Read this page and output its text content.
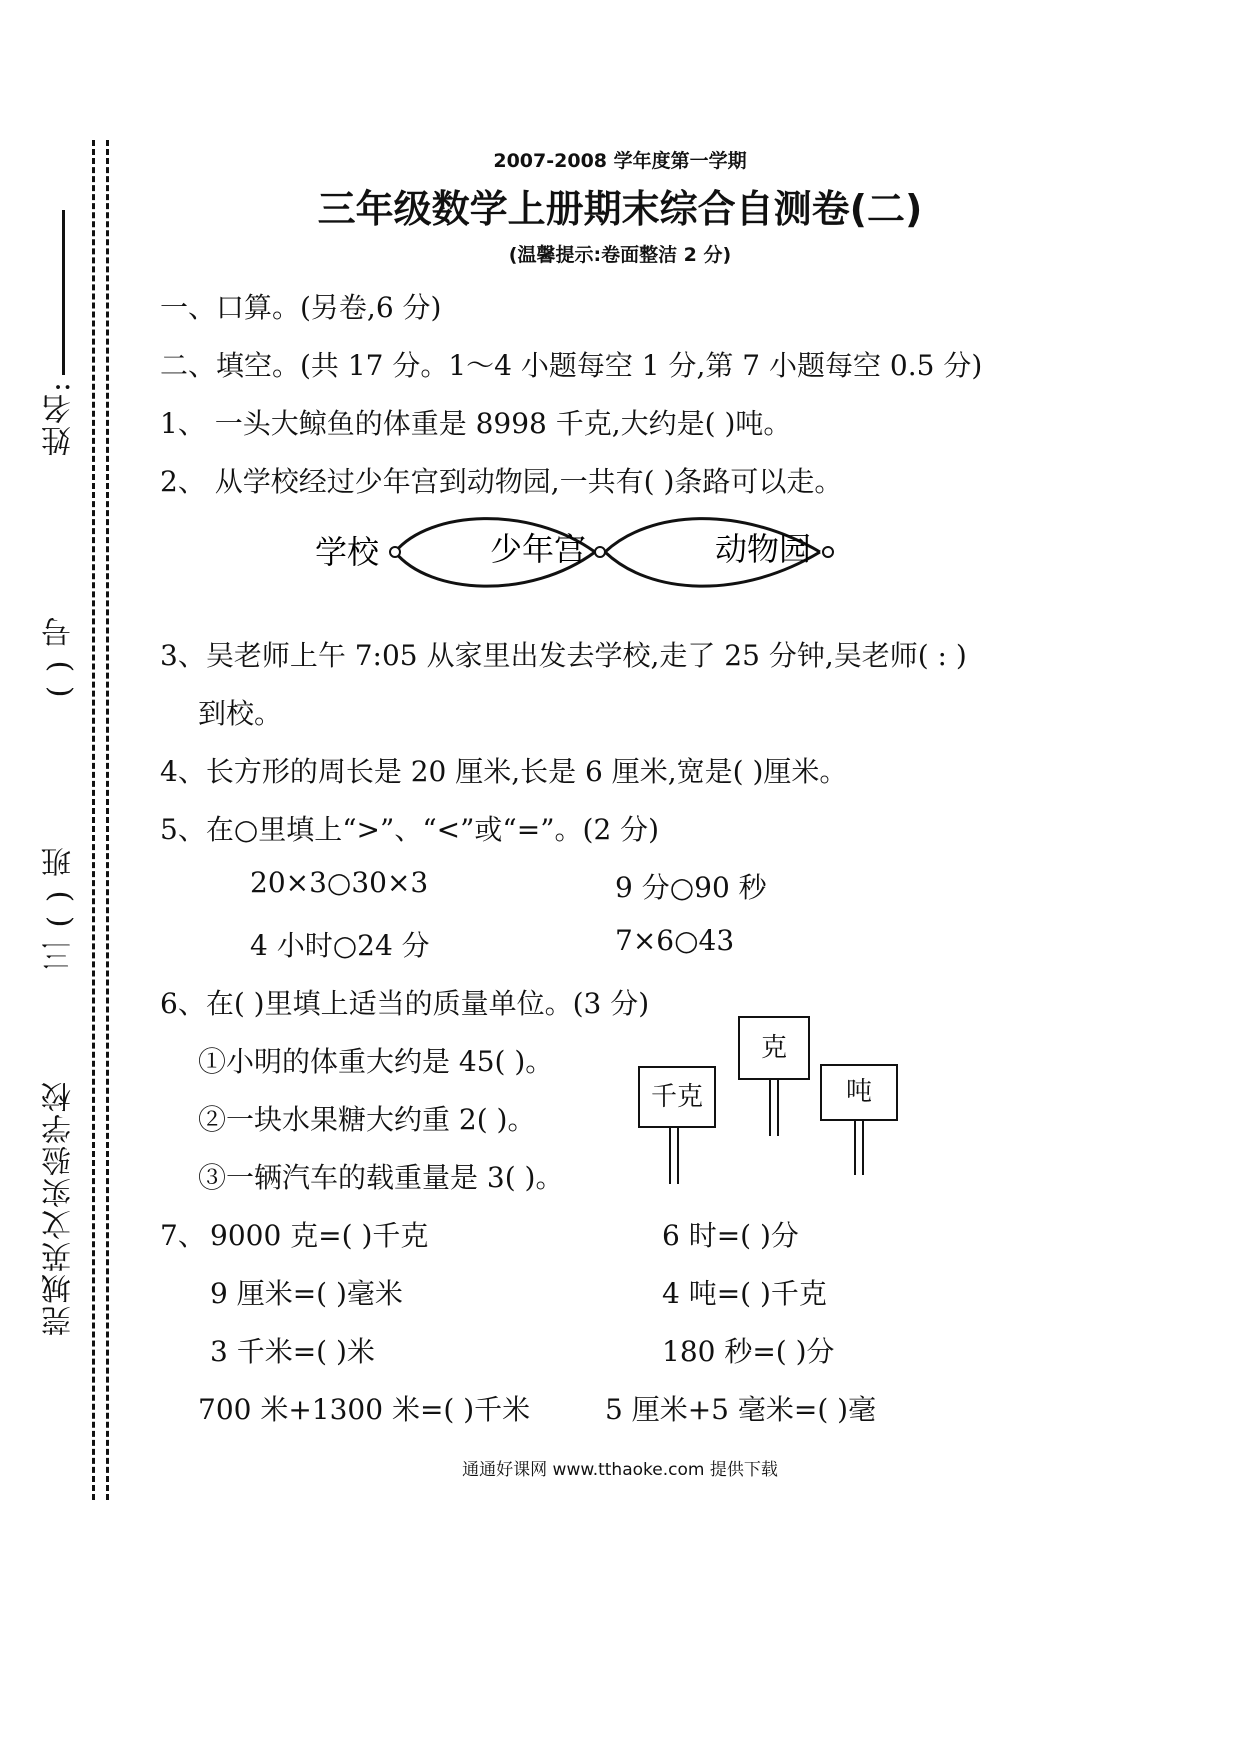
姓名:
( ) 号
三 ( ) 班
莞城英文实验学校
2007-2008 学年度第一学期
三年级数学上册期末综合自测卷(二)
(温馨提示:卷面整洁 2 分)
一、口算。(另卷,6 分)
二、填空。(共 17 分。1～4 小题每空 1 分,第 7 小题每空 0.5 分)
1、 一头大鲸鱼的体重是 8998 千克,大约是( )吨。
2、 从学校经过少年宫到动物园,一共有( )条路可以走。
学校	少年宫	动物园
3、吴老师上午 7:05 从家里出发去学校,走了 25 分钟,吴老师( : )
到校。
4、长方形的周长是 20 厘米,长是 6 厘米,宽是( )厘米。
5、在○里填上“>”、“<”或“=”。(2 分)
20×3○30×3	9 分○90 秒
4 小时○24 分	7×6○43
6、在( )里填上适当的质量单位。(3 分)
①小明的体重大约是 45( )。
②一块水果糖大约重 2( )。
③一辆汽车的载重量是 3( )。
千克
克
吨
7、 9000 克=( )千克	6 时=( )分
9 厘米=( )毫米	4 吨=( )千克
3 千米=( )米	180 秒=( )分
700 米+1300 米=( )千米	5 厘米+5 毫米=( )毫
通通好课网 www.tthaoke.com 提供下载
